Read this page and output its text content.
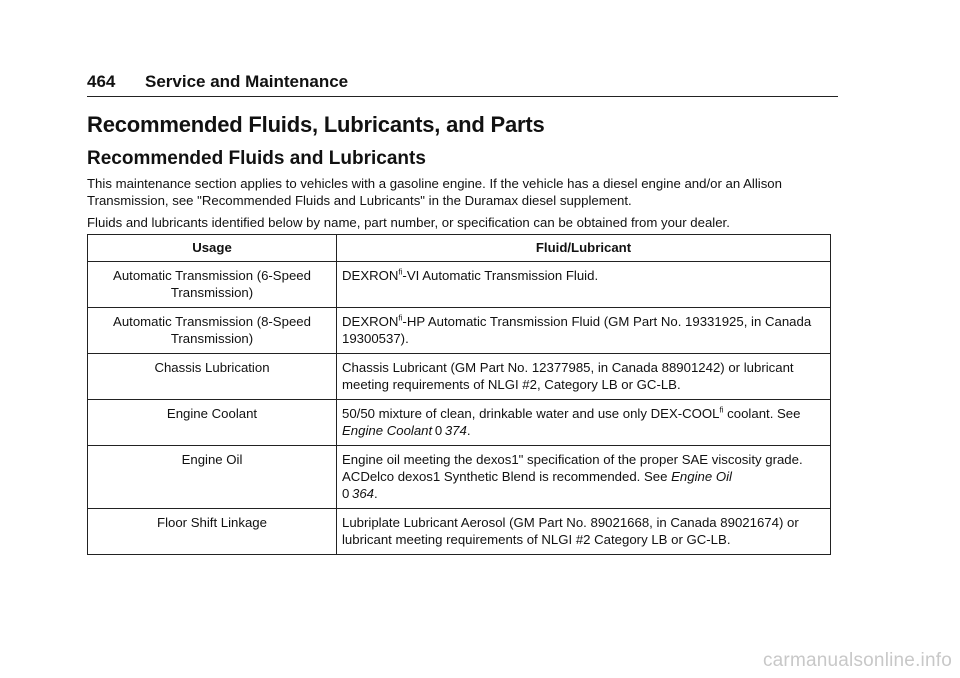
464 Service and Maintenance
Recommended Fluids, Lubricants, and Parts
Recommended Fluids and Lubricants

This maintenance section applies to vehicles with a gasoline engine. If the vehicle has a diesel engine and/or an Allison Transmission, see "Recommended Fluids and Lubricants" in the Duramax diesel supplement.

Fluids and lubricants identified below by name, part number, or specification can be obtained from your dealer.

Usage	Fluid/Lubricant
Automatic Transmission (6-Speed Transmission)	$DEXRON^{fi}-VI$ Automatic Transmission Fluid.
Automatic Transmission (8-Speed Transmission)	$DEXRON^{fi}-HP$ Automatic Transmission Fluid (GM Part No. 19331925, in Canada 19300537).
Chassis Lubrication	Chassis Lubricant (GM Part No. 12377985, in Canada 88901242) or lubricant meeting requirements of NLGI #2, Category LB or GC-LB.
Engine Coolant	50/50 mixture of clean, drinkable water and use only DEX-$COOL^{fi}$ coolant. See Engine Coolant  0  374.
Engine Oil	Engine oil meeting the dexos1" specification of the proper SAE viscosity grade. ACDelco dexos1 Synthetic Blend is recommended. See Engine Oil
0  364.
Floor Shift Linkage	Lubriplate Lubricant Aerosol (GM Part No. 89021668, in Canada 89021674) or lubricant meeting requirements of NLGI #2 Category LB or GC-LB.
carmanualsonline.info
